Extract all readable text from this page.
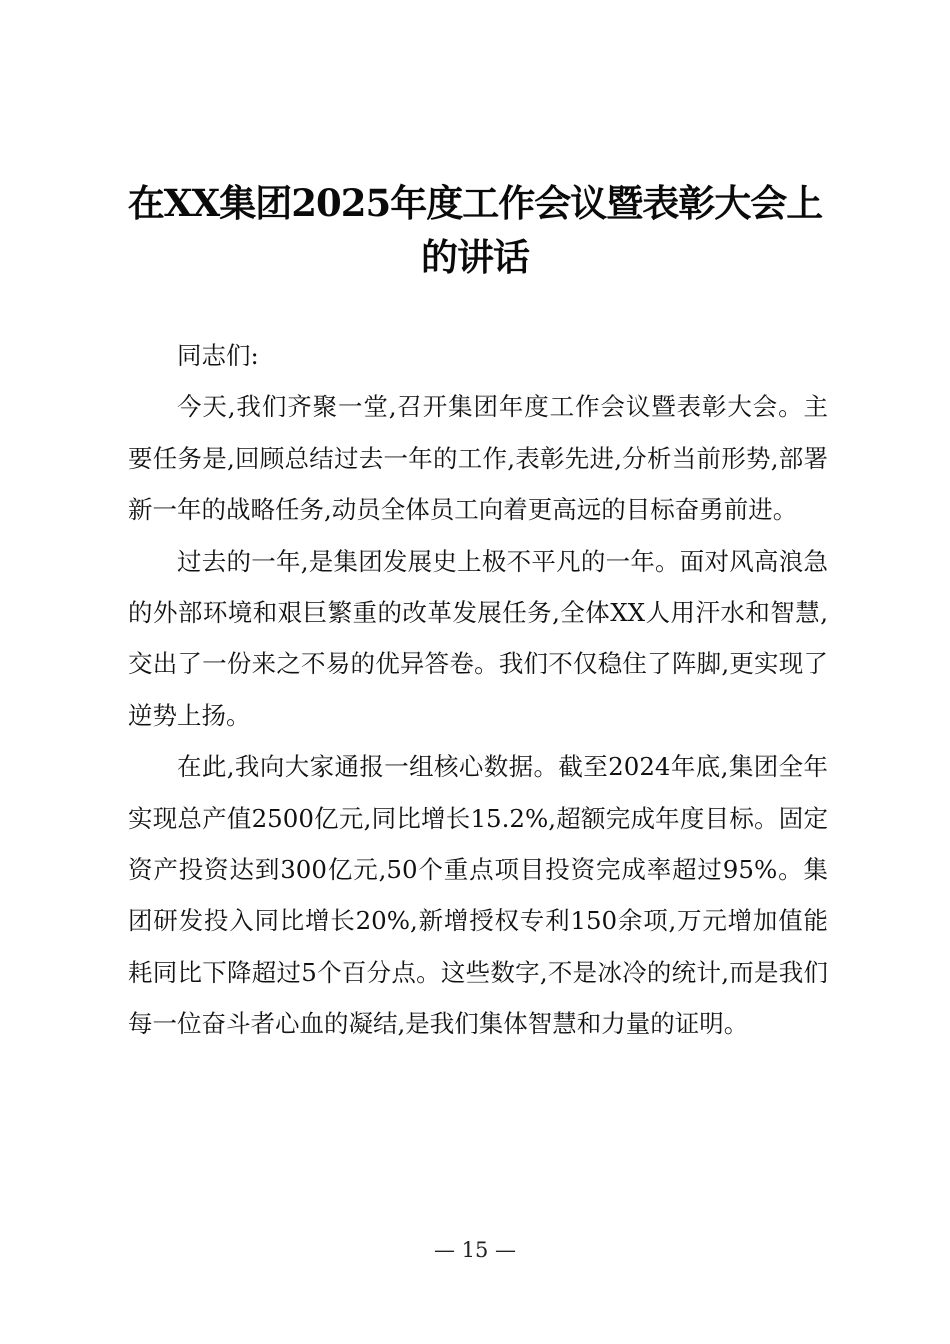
在XX集团2025年度工作会议暨表彰大会上的讲话

同志们:

今天,我们齐聚一堂,召开集团年度工作会议暨表彰大会。主要任务是,回顾总结过去一年的工作,表彰先进,分析当前形势,部署新一年的战略任务,动员全体员工向着更高远的目标奋勇前进。

过去的一年,是集团发展史上极不平凡的一年。面对风高浪急的外部环境和艰巨繁重的改革发展任务,全体XX人用汗水和智慧,交出了一份来之不易的优异答卷。我们不仅稳住了阵脚,更实现了逆势上扬。

在此,我向大家通报一组核心数据。截至2024年底,集团全年实现总产值2500亿元,同比增长15.2%,超额完成年度目标。固定资产投资达到300亿元,50个重点项目投资完成率超过95%。集团研发投入同比增长20%,新增授权专利150余项,万元增加值能耗同比下降超过5个百分点。这些数字,不是冰冷的统计,而是我们每一位奋斗者心血的凝结,是我们集体智慧和力量的证明。

— 15 —
